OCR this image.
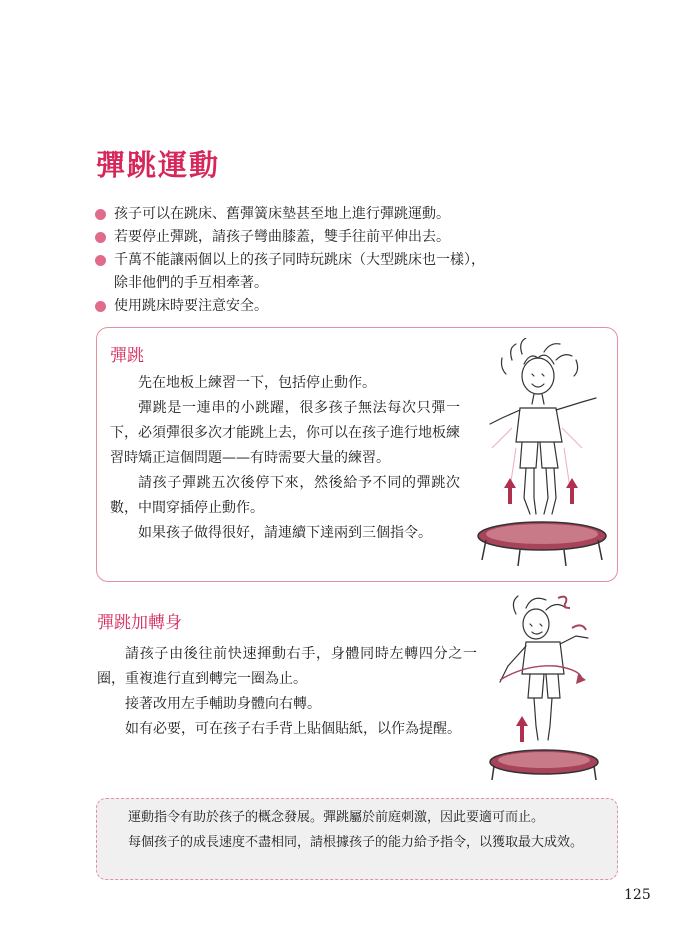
彈跳運動
孩子可以在跳床、舊彈簧床墊甚至地上進行彈跳運動。
若要停止彈跳，請孩子彎曲膝蓋，雙手往前平伸出去。
千萬不能讓兩個以上的孩子同時玩跳床（大型跳床也一樣），
除非他們的手互相牽著。
使用跳床時要注意安全。
彈跳

先在地板上練習一下，包括停止動作。

彈跳是一連串的小跳躍，很多孩子無法每次只彈一下，必須彈很多次才能跳上去，你可以在孩子進行地板練習時矯正這個問題——有時需要大量的練習。

請孩子彈跳五次後停下來，然後給予不同的彈跳次數，中間穿插停止動作。

如果孩子做得很好，請連續下達兩到三個指令。

彈跳加轉身

請孩子由後往前快速揮動右手，身體同時左轉四分之一圈，重複進行直到轉完一圈為止。

接著改用左手輔助身體向右轉。

如有必要，可在孩子右手背上貼個貼紙，以作為提醒。

運動指令有助於孩子的概念發展。彈跳屬於前庭刺激，因此要適可而止。

每個孩子的成長速度不盡相同，請根據孩子的能力給予指令，以獲取最大成效。

125
